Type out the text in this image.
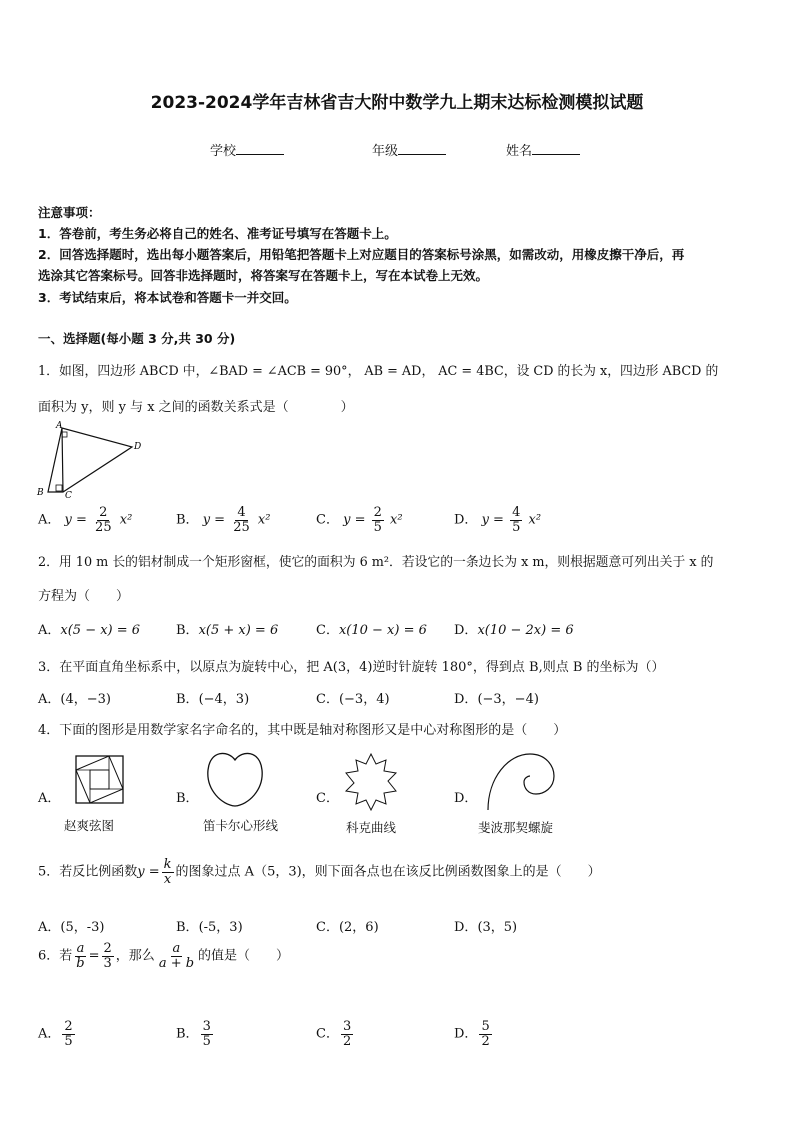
2023-2024学年吉林省吉大附中数学九上期末达标检测模拟试题
学校	年级	姓名
注意事项：
1．答卷前，考生务必将自己的姓名、准考证号填写在答题卡上。
2．回答选择题时，选出每小题答案后，用铅笔把答题卡上对应题目的答案标号涂黑，如需改动，用橡皮擦干净后，再
选涂其它答案标号。回答非选择题时，将答案写在答题卡上，写在本试卷上无效。
3．考试结束后，将本试卷和答题卡一并交回。
一、选择题(每小题 3 分,共 30 分)
1．如图，四边形 ABCD 中，∠BAD = ∠ACB = 90°， AB = AD， AC = 4BC，设 CD 的长为 x，四边形 ABCD 的
面积为 y，则 y 与 x 之间的函数关系式是（　　　　）
A
B C
D
A． $y = \frac{2}{25} x^2$	B． $y = \frac{4}{25} x^2$	C． $y = \frac{2}{5} x^2$	D． $y = \frac{4}{5} x^2$
2．用 10 m 长的铝材制成一个矩形窗框，使它的面积为 6 m²．若设它的一条边长为 x m，则根据题意可列出关于 x 的
方程为（　　）
A．x(5 − x) = 6	B．x(5 + x) = 6	C．x(10 − x) = 6 D．x(10 − 2x) = 6
3．在平面直角坐标系中，以原点为旋转中心，把 A(3，4)逆时针旋转 180°，得到点 B,则点 B 的坐标为（）
A．(4，−3)	B．(−4，3)	C．(−3，4)	D．(−3，−4)
4．下面的图形是用数学家名字命名的，其中既是轴对称图形又是中心对称图形的是（　　）
A．
赵爽弦图
B．
笛卡尔心形线
C．
科克曲线
D．
斐波那契螺旋
5．若反比例函数$y = \frac{k}{x}$ 的图象过点 A（5，3)，则下面各点也在该反比例函数图象上的是（　　）
A．(5，-3)	B．(-5，3)	C．(2，6)	D．(3，5)
6．若 $\frac{a}{b} = \frac{2}{3}$ ，那么 $\frac{a}{a + b}$ 的值是（　　）
A． $\frac{2}{5}$	B． $\frac{3}{5}$	C． $\frac{3}{2}$	D． $\frac{5}{2}$
